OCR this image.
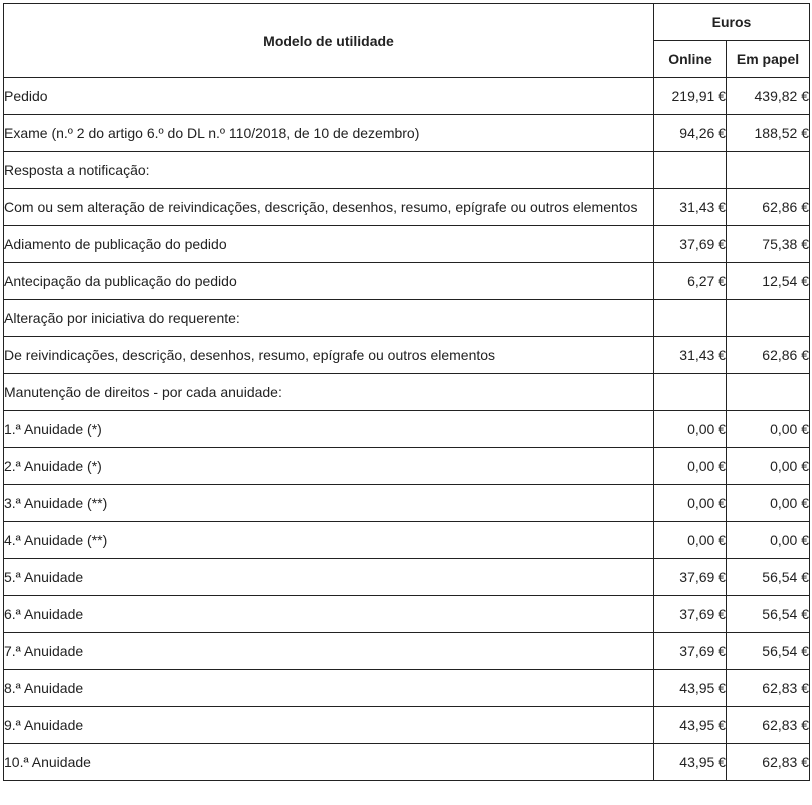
Modelo de utilidade	Euros	
	Online	Em papel
Pedido	219,91 €	439,82 €
Exame (n.º 2 do artigo 6.º do DL n.º 110/2018, de 10 de dezembro)	94,26 €	188,52 €
Resposta a notificação:		
Com ou sem alteração de reivindicações, descrição, desenhos, resumo, epígrafe ou outros elementos	31,43 €	62,86 €
Adiamento de publicação do pedido	37,69 €	75,38 €
Antecipação da publicação do pedido	6,27 €	12,54 €
Alteração por iniciativa do requerente:		
De reivindicações, descrição, desenhos, resumo, epígrafe ou outros elementos	31,43 €	62,86 €
Manutenção de direitos - por cada anuidade:		
1.ª Anuidade (*)	0,00 €	0,00 €
2.ª Anuidade (*)	0,00 €	0,00 €
3.ª Anuidade (**)	0,00 €	0,00 €
4.ª Anuidade (**)	0,00 €	0,00 €
5.ª Anuidade	37,69 €	56,54 €
6.ª Anuidade	37,69 €	56,54 €
7.ª Anuidade	37,69 €	56,54 €
8.ª Anuidade	43,95 €	62,83 €
9.ª Anuidade	43,95 €	62,83 €
10.ª Anuidade	43,95 €	62,83 €
